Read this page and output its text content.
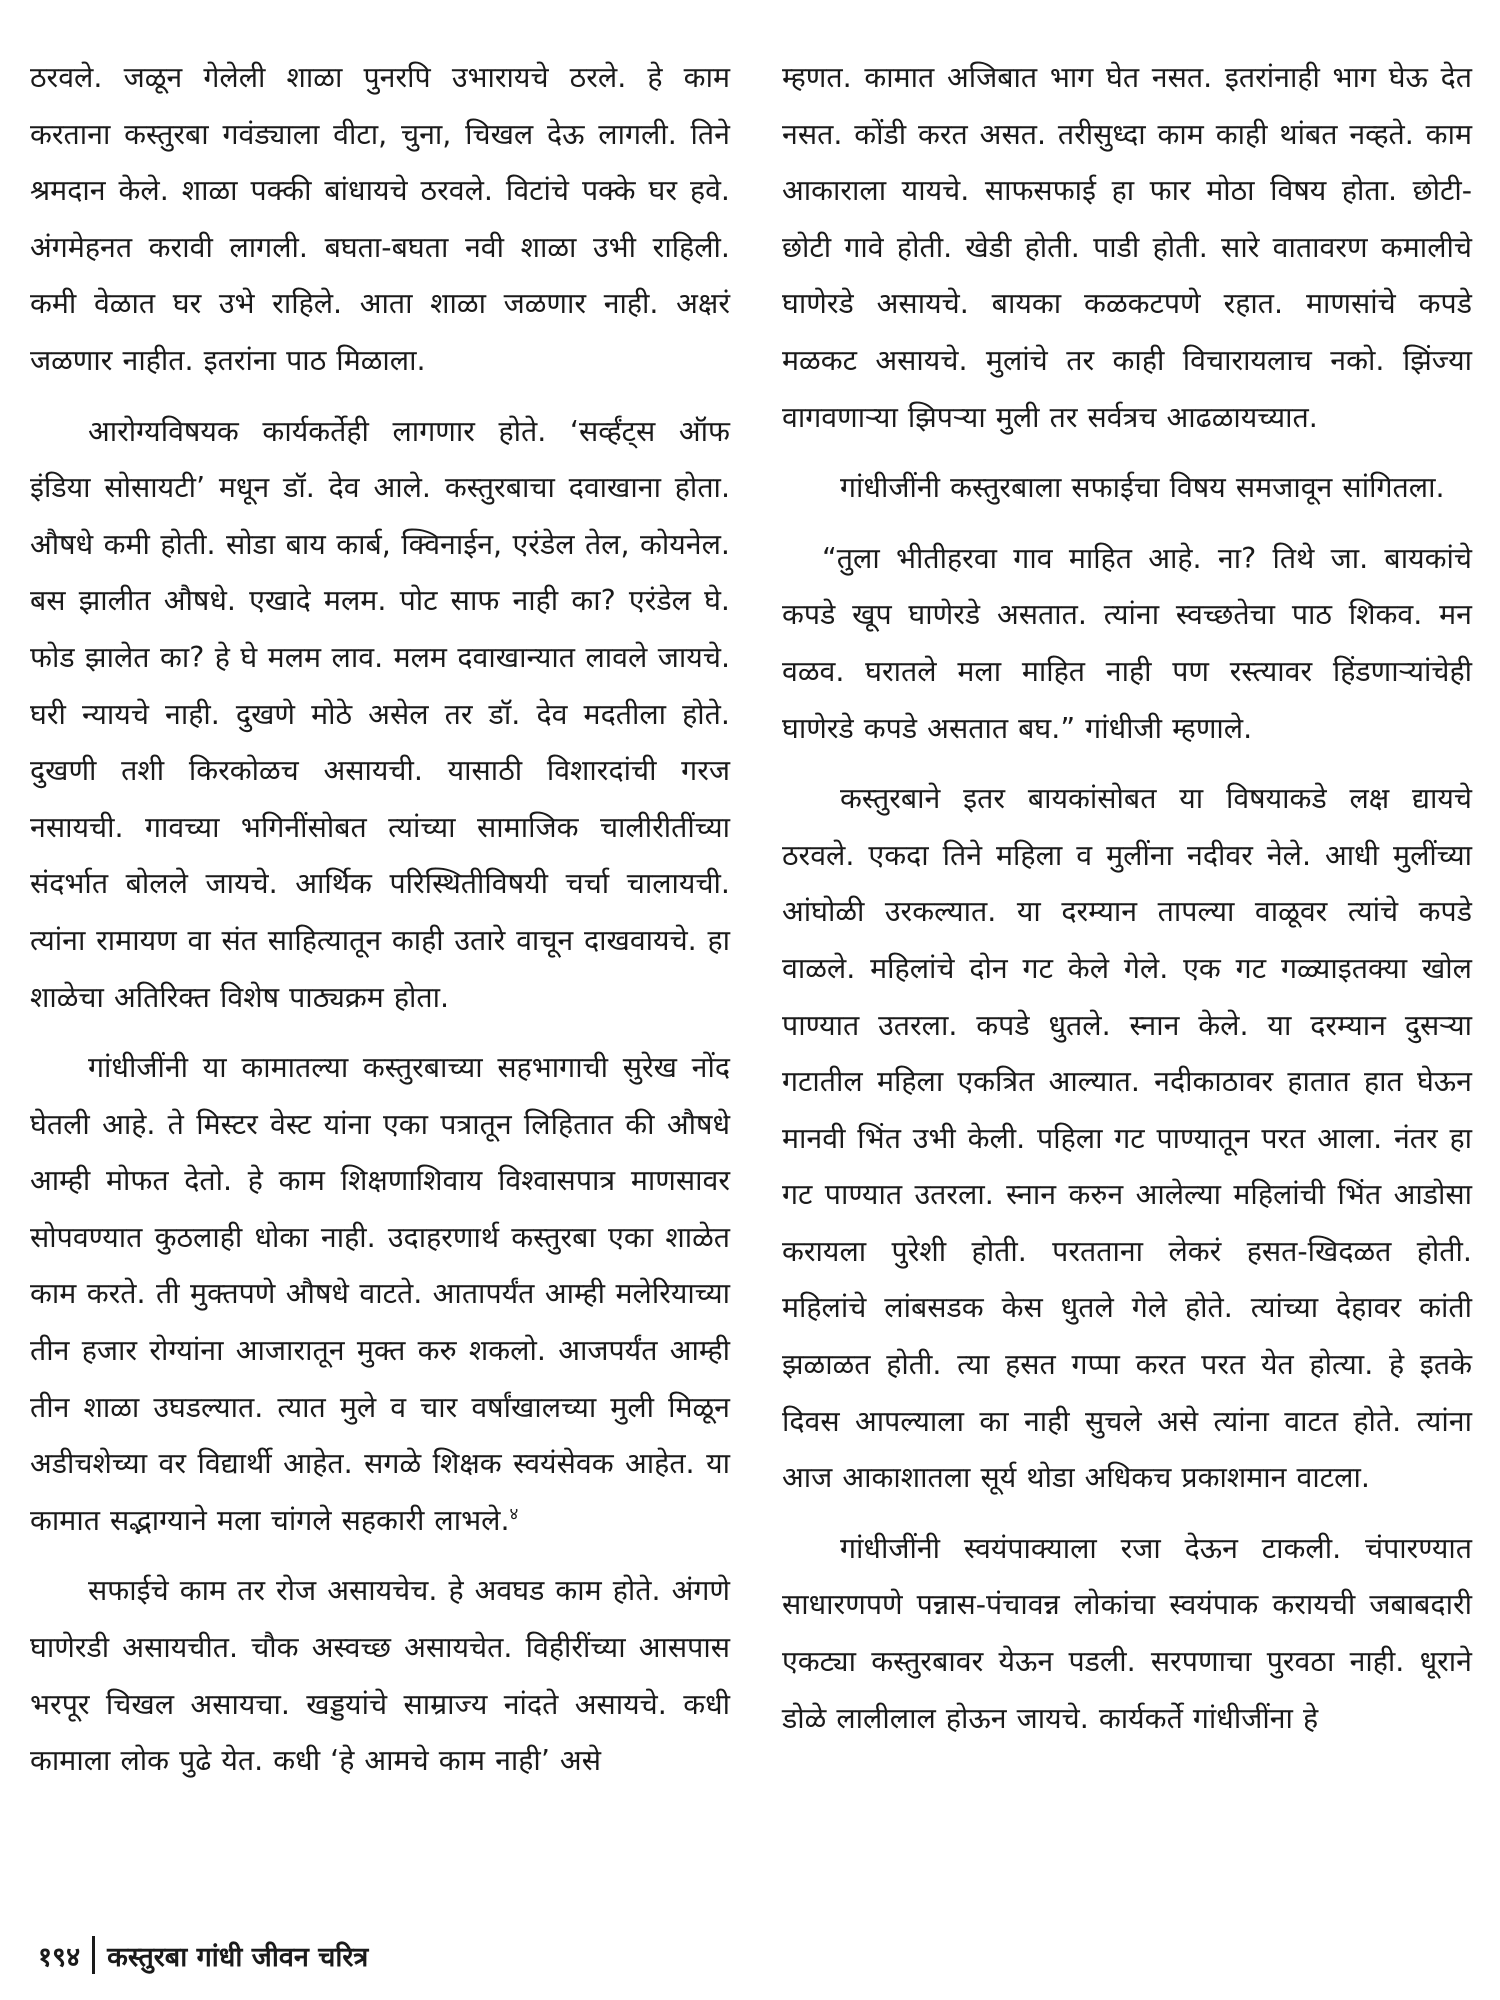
ठरवले. जळून गेलेली शाळा पुनरपि उभारायचे ठरले. हे काम करताना कस्तुरबा गवंड्याला वीटा, चुना, चिखल देऊ लागली. तिने श्रमदान केले. शाळा पक्की बांधायचे ठरवले. विटांचे पक्के घर हवे. अंगमेहनत करावी लागली. बघता-बघता नवी शाळा उभी राहिली. कमी वेळात घर उभे राहिले. आता शाळा जळणार नाही. अक्षरं जळणार नाहीत. इतरांना पाठ मिळाला.

आरोग्यविषयक कार्यकर्तेही लागणार होते. ‘सर्व्हंट्स ऑफ इंडिया सोसायटी’ मधून डॉ. देव आले. कस्तुरबाचा दवाखाना होता. औषधे कमी होती. सोडा बाय कार्ब, क्विनाईन, एरंडेल तेल, कोयनेल. बस झालीत औषधे. एखादे मलम. पोट साफ नाही का? एरंडेल घे. फोड झालेत का? हे घे मलम लाव. मलम दवाखान्यात लावले जायचे. घरी न्यायचे नाही. दुखणे मोठे असेल तर डॉ. देव मदतीला होते. दुखणी तशी किरकोळच असायची. यासाठी विशारदांची गरज नसायची. गावच्या भगिनींसोबत त्यांच्या सामाजिक चालीरीतींच्या संदर्भात बोलले जायचे. आर्थिक परिस्थितीविषयी चर्चा चालायची. त्यांना रामायण वा संत साहित्यातून काही उतारे वाचून दाखवायचे. हा शाळेचा अतिरिक्त विशेष पाठ्यक्रम होता.

गांधीजींनी या कामातल्या कस्तुरबाच्या सहभागाची सुरेख नोंद घेतली आहे. ते मिस्टर वेस्ट यांना एका पत्रातून लिहितात की औषधे आम्ही मोफत देतो. हे काम शिक्षणाशिवाय विश्वासपात्र माणसावर सोपवण्यात कुठलाही धोका नाही. उदाहरणार्थ कस्तुरबा एका शाळेत काम करते. ती मुक्तपणे औषधे वाटते. आतापर्यंत आम्ही मलेरियाच्या तीन हजार रोग्यांना आजारातून मुक्त करु शकलो. आजपर्यंत आम्ही तीन शाळा उघडल्यात. त्यात मुले व चार वर्षांखालच्या मुली मिळून अडीचशेच्या वर विद्यार्थी आहेत. सगळे शिक्षक स्वयंसेवक आहेत. या कामात सद्भाग्याने मला चांगले सहकारी लाभले.$^४$

सफाईचे काम तर रोज असायचेच. हे अवघड काम होते. अंगणे घाणेरडी असायचीत. चौक अस्वच्छ असायचेत. विहीरींच्या आसपास भरपूर चिखल असायचा. खड्डयांचे साम्राज्य नांदते असायचे. कधी कामाला लोक पुढे येत. कधी ‘हे आमचे काम नाही’ असे

म्हणत. कामात अजिबात भाग घेत नसत. इतरांनाही भाग घेऊ देत नसत. कोंडी करत असत. तरीसुध्दा काम काही थांबत नव्हते. काम आकाराला यायचे. साफसफाई हा फार मोठा विषय होता. छोटी-छोटी गावे होती. खेडी होती. पाडी होती. सारे वातावरण कमालीचे घाणेरडे असायचे. बायका कळकटपणे रहात. माणसांचे कपडे मळकट असायचे. मुलांचे तर काही विचारायलाच नको. झिंज्या वागवणाऱ्या झिपऱ्या मुली तर सर्वत्रच आढळायच्यात.

गांधीजींनी कस्तुरबाला सफाईचा विषय समजावून सांगितला.

“तुला भीतीहरवा गाव माहित आहे. ना? तिथे जा. बायकांचे कपडे खूप घाणेरडे असतात. त्यांना स्वच्छतेचा पाठ शिकव. मन वळव. घरातले मला माहित नाही पण रस्त्यावर हिंडणाऱ्यांचेही घाणेरडे कपडे असतात बघ.” गांधीजी म्हणाले.

कस्तुरबाने इतर बायकांसोबत या विषयाकडे लक्ष द्यायचे ठरवले. एकदा तिने महिला व मुलींना नदीवर नेले. आधी मुलींच्या आंघोळी उरकल्यात. या दरम्यान तापल्या वाळूवर त्यांचे कपडे वाळले. महिलांचे दोन गट केले गेले. एक गट गळ्याइतक्या खोल पाण्यात उतरला. कपडे धुतले. स्नान केले. या दरम्यान दुसऱ्या गटातील महिला एकत्रित आल्यात. नदीकाठावर हातात हात घेऊन मानवी भिंत उभी केली. पहिला गट पाण्यातून परत आला. नंतर हा गट पाण्यात उतरला. स्नान करुन आलेल्या महिलांची भिंत आडोसा करायला पुरेशी होती. परतताना लेकरं हसत-खिदळत होती. महिलांचे लांबसडक केस धुतले गेले होते. त्यांच्या देहावर कांती झळाळत होती. त्या हसत गप्पा करत परत येत होत्या. हे इतके दिवस आपल्याला का नाही सुचले असे त्यांना वाटत होते. त्यांना आज आकाशातला सूर्य थोडा अधिकच प्रकाशमान वाटला.

गांधीजींनी स्वयंपाक्याला रजा देऊन टाकली. चंपारण्यात साधारणपणे पन्नास-पंचावन्न लोकांचा स्वयंपाक करायची जबाबदारी एकट्या कस्तुरबावर येऊन पडली. सरपणाचा पुरवठा नाही. धूराने डोळे लालीलाल होऊन जायचे. कार्यकर्ते गांधीजींना हे

१९४ कस्तुरबा गांधी जीवन चरित्र
